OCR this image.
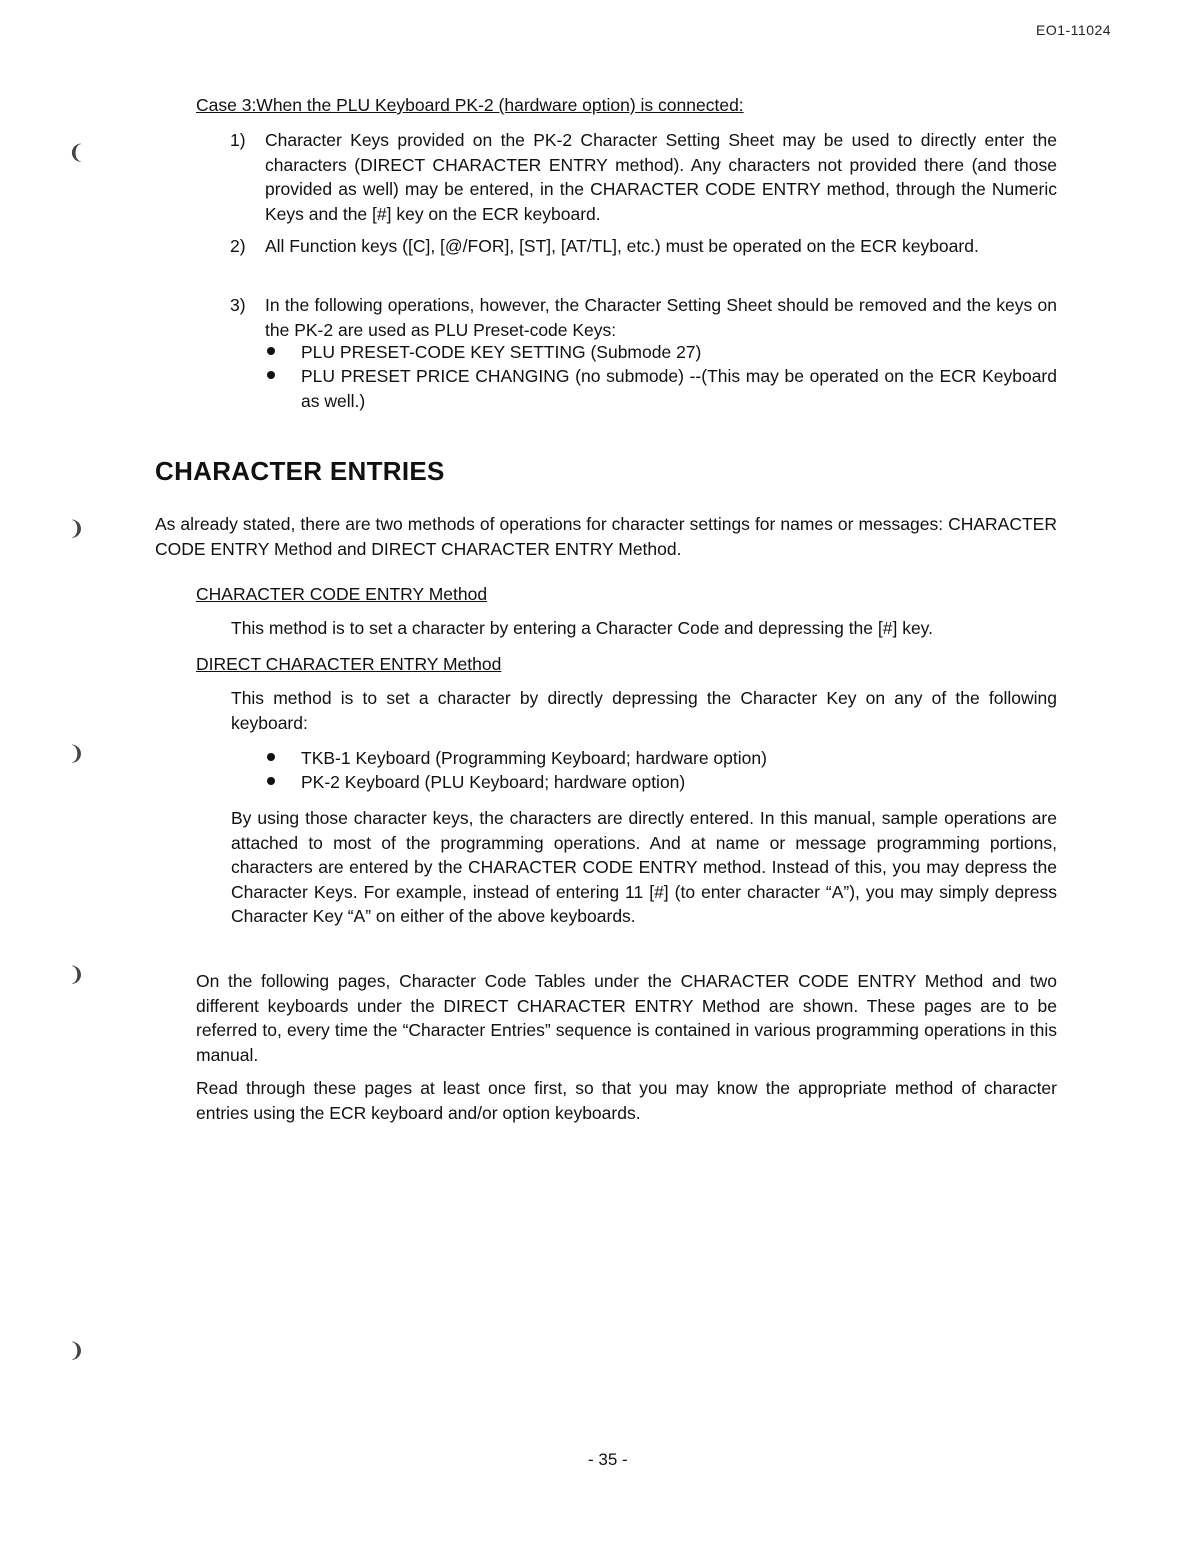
EO1-11024
Case 3:When the PLU Keyboard PK-2 (hardware option) is connected:
1) Character Keys provided on the PK-2 Character Setting Sheet may be used to directly enter the characters (DIRECT CHARACTER ENTRY method). Any characters not provided there (and those provided as well) may be entered, in the CHARACTER CODE ENTRY method, through the Numeric Keys and the [#] key on the ECR keyboard.

2) All Function keys ([C], [@/FOR], [ST], [AT/TL], etc.) must be operated on the ECR keyboard.

3) In the following operations, however, the Character Setting Sheet should be removed and the keys on the PK-2 are used as PLU Preset-code Keys:

PLU PRESET-CODE KEY SETTING (Submode 27)

PLU PRESET PRICE CHANGING (no submode) --(This may be operated on the ECR Keyboard as well.)

CHARACTER ENTRIES

As already stated, there are two methods of operations for character settings for names or messages: CHARACTER CODE ENTRY Method and DIRECT CHARACTER ENTRY Method.

CHARACTER CODE ENTRY Method

This method is to set a character by entering a Character Code and depressing the [#] key.

DIRECT CHARACTER ENTRY Method

This method is to set a character by directly depressing the Character Key on any of the following keyboard:

TKB-1 Keyboard (Programming Keyboard; hardware option)

PK-2 Keyboard (PLU Keyboard; hardware option)

By using those character keys, the characters are directly entered. In this manual, sample operations are attached to most of the programming operations. And at name or message programming portions, characters are entered by the CHARACTER CODE ENTRY method. Instead of this, you may depress the Character Keys. For example, instead of entering 11 [#] (to enter character “A”), you may simply depress Character Key “A” on either of the above keyboards.

On the following pages, Character Code Tables under the CHARACTER CODE ENTRY Method and two different keyboards under the DIRECT CHARACTER ENTRY Method are shown. These pages are to be referred to, every time the “Character Entries” sequence is contained in various programming operations in this manual.

Read through these pages at least once first, so that you may know the appropriate method of character entries using the ECR keyboard and/or option keyboards.

- 35 -
❨
❩
❩
❩
❩
